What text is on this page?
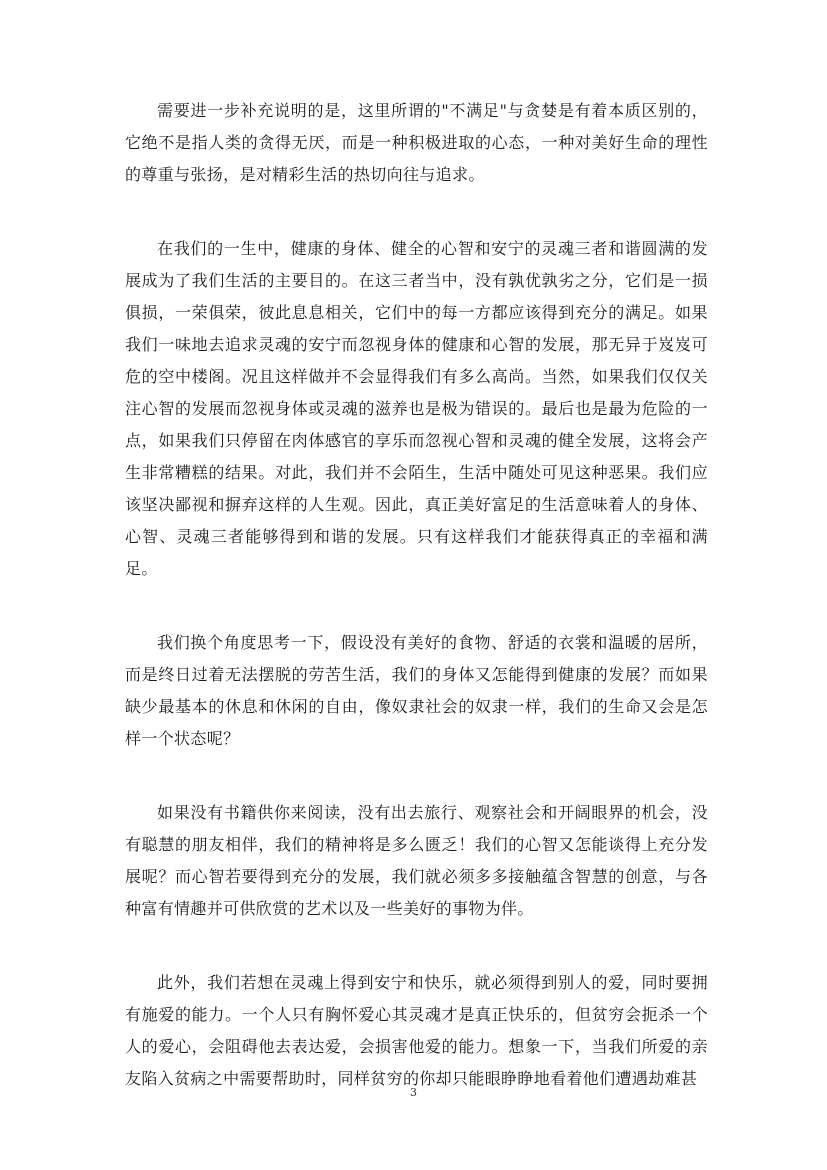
需要进一步补充说明的是，这里所谓的"不满足"与贪婪是有着本质区别的，它绝不是指人类的贪得无厌，而是一种积极进取的心态，一种对美好生命的理性的尊重与张扬，是对精彩生活的热切向往与追求。

在我们的一生中，健康的身体、健全的心智和安宁的灵魂三者和谐圆满的发展成为了我们生活的主要目的。在这三者当中，没有孰优孰劣之分，它们是一损俱损，一荣俱荣，彼此息息相关，它们中的每一方都应该得到充分的满足。如果我们一味地去追求灵魂的安宁而忽视身体的健康和心智的发展，那无异于岌岌可危的空中楼阁。况且这样做并不会显得我们有多么高尚。当然，如果我们仅仅关注心智的发展而忽视身体或灵魂的滋养也是极为错误的。最后也是最为危险的一点，如果我们只停留在肉体感官的享乐而忽视心智和灵魂的健全发展，这将会产生非常糟糕的结果。对此，我们并不会陌生，生活中随处可见这种恶果。我们应该坚决鄙视和摒弃这样的人生观。因此，真正美好富足的生活意味着人的身体、心智、灵魂三者能够得到和谐的发展。只有这样我们才能获得真正的幸福和满足。

我们换个角度思考一下，假设没有美好的食物、舒适的衣裳和温暖的居所，而是终日过着无法摆脱的劳苦生活，我们的身体又怎能得到健康的发展？而如果缺少最基本的休息和休闲的自由，像奴隶社会的奴隶一样，我们的生命又会是怎样一个状态呢？

如果没有书籍供你来阅读，没有出去旅行、观察社会和开阔眼界的机会，没有聪慧的朋友相伴，我们的精神将是多么匮乏！我们的心智又怎能谈得上充分发展呢？而心智若要得到充分的发展，我们就必须多多接触蕴含智慧的创意，与各种富有情趣并可供欣赏的艺术以及一些美好的事物为伴。

此外，我们若想在灵魂上得到安宁和快乐，就必须得到别人的爱，同时要拥有施爱的能力。一个人只有胸怀爱心其灵魂才是真正快乐的，但贫穷会扼杀一个人的爱心，会阻碍他去表达爱，会损害他爱的能力。想象一下，当我们所爱的亲友陷入贫病之中需要帮助时，同样贫穷的你却只能眼睁睁地看着他们遭遇劫难甚

3
